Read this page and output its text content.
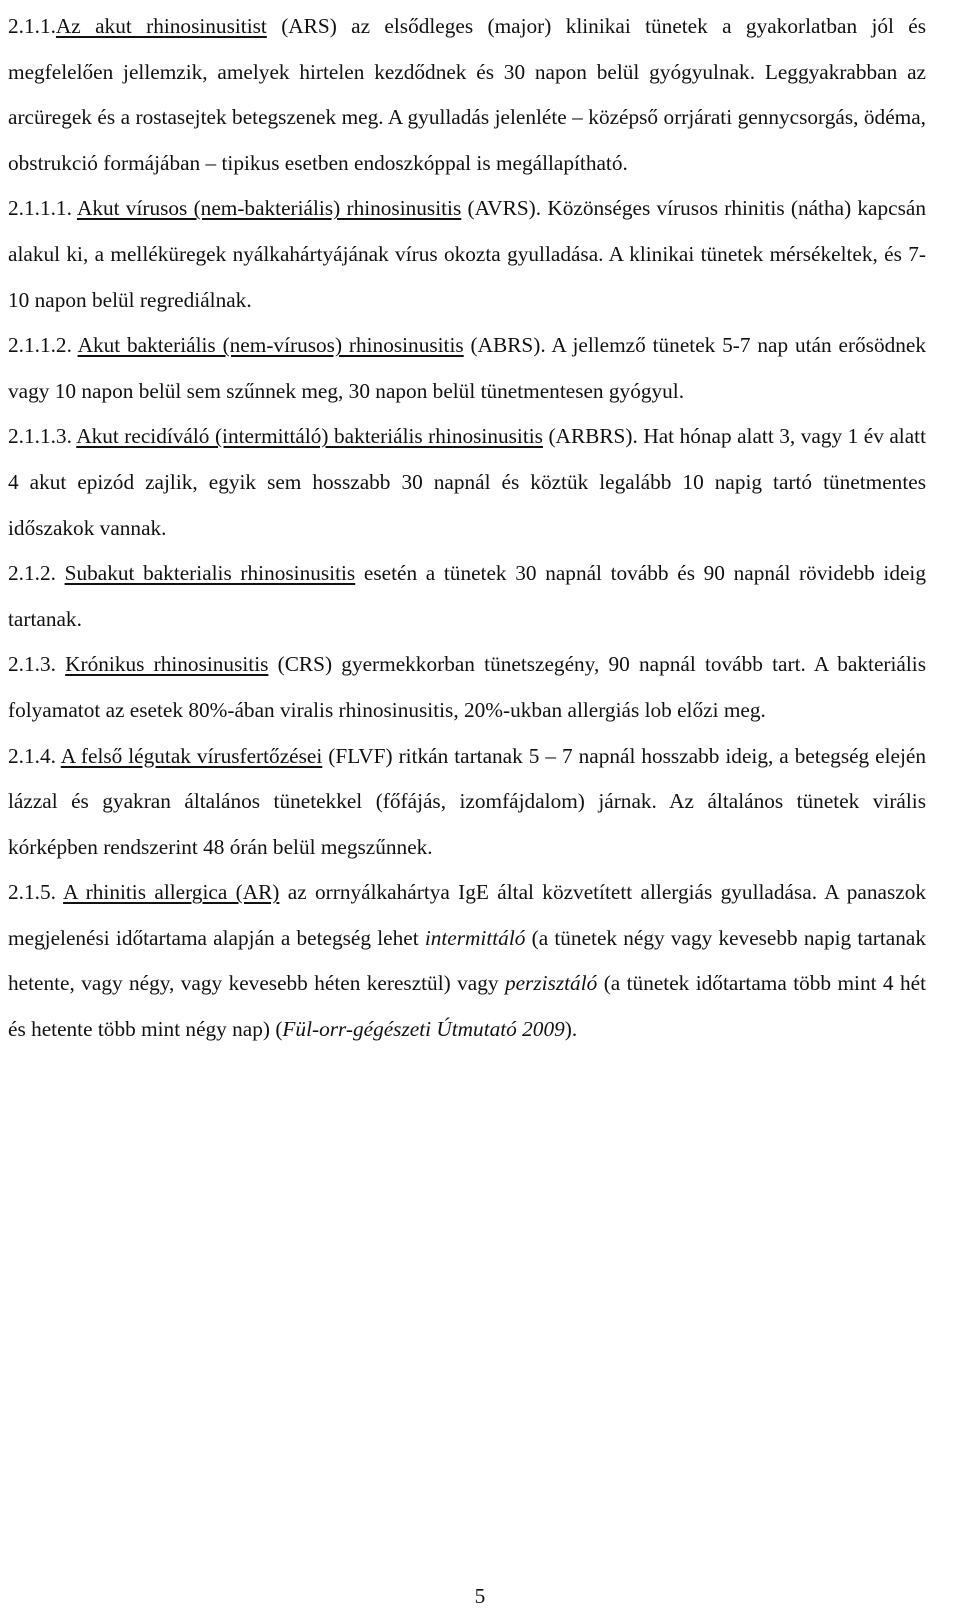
2.1.1.Az akut rhinosinusitist (ARS) az elsődleges (major) klinikai tünetek a gyakorlatban jól és megfelelően jellemzik, amelyek hirtelen kezdődnek és 30 napon belül gyógyulnak. Leggyakrabban az arcüregek és a rostasejtek betegszenek meg. A gyulladás jelenléte – középső orrjárati gennycsorgás, ödéma, obstrukció formájában – tipikus esetben endoszkóppal is megállapítható.

2.1.1.1. Akut vírusos (nem-bakteriális) rhinosinusitis (AVRS). Közönséges vírusos rhinitis (nátha) kapcsán alakul ki, a melléküregek nyálkahártyájának vírus okozta gyulladása. A klinikai tünetek mérsékeltek, és 7-10 napon belül regrediálnak.

2.1.1.2. Akut bakteriális (nem-vírusos) rhinosinusitis (ABRS). A jellemző tünetek 5-7 nap után erősödnek vagy 10 napon belül sem szűnnek meg, 30 napon belül tünetmentesen gyógyul.

2.1.1.3. Akut recidíváló (intermittáló) bakteriális rhinosinusitis (ARBRS). Hat hónap alatt 3, vagy 1 év alatt 4 akut epizód zajlik, egyik sem hosszabb 30 napnál és köztük legalább 10 napig tartó tünetmentes időszakok vannak.

2.1.2. Subakut bakterialis rhinosinusitis esetén a tünetek 30 napnál tovább és 90 napnál rövidebb ideig tartanak.

2.1.3. Krónikus rhinosinusitis (CRS) gyermekkorban tünetszegény, 90 napnál tovább tart. A bakteriális folyamatot az esetek 80%-ában viralis rhinosinusitis, 20%-ukban allergiás lob előzi meg.

2.1.4. A felső légutak vírusfertőzései (FLVF) ritkán tartanak 5 – 7 napnál hosszabb ideig, a betegség elején lázzal és gyakran általános tünetekkel (főfájás, izomfájdalom) járnak. Az általános tünetek virális kórképben rendszerint 48 órán belül megszűnnek.

2.1.5. A rhinitis allergica (AR) az orrnyálkahártya IgE által közvetített allergiás gyulladása. A panaszok megjelenési időtartama alapján a betegség lehet intermittáló (a tünetek négy vagy kevesebb napig tartanak hetente, vagy négy, vagy kevesebb héten keresztül) vagy perzisztáló (a tünetek időtartama több mint 4 hét és hetente több mint négy nap) (Fül-orr-gégészeti Útmutató 2009).

5
